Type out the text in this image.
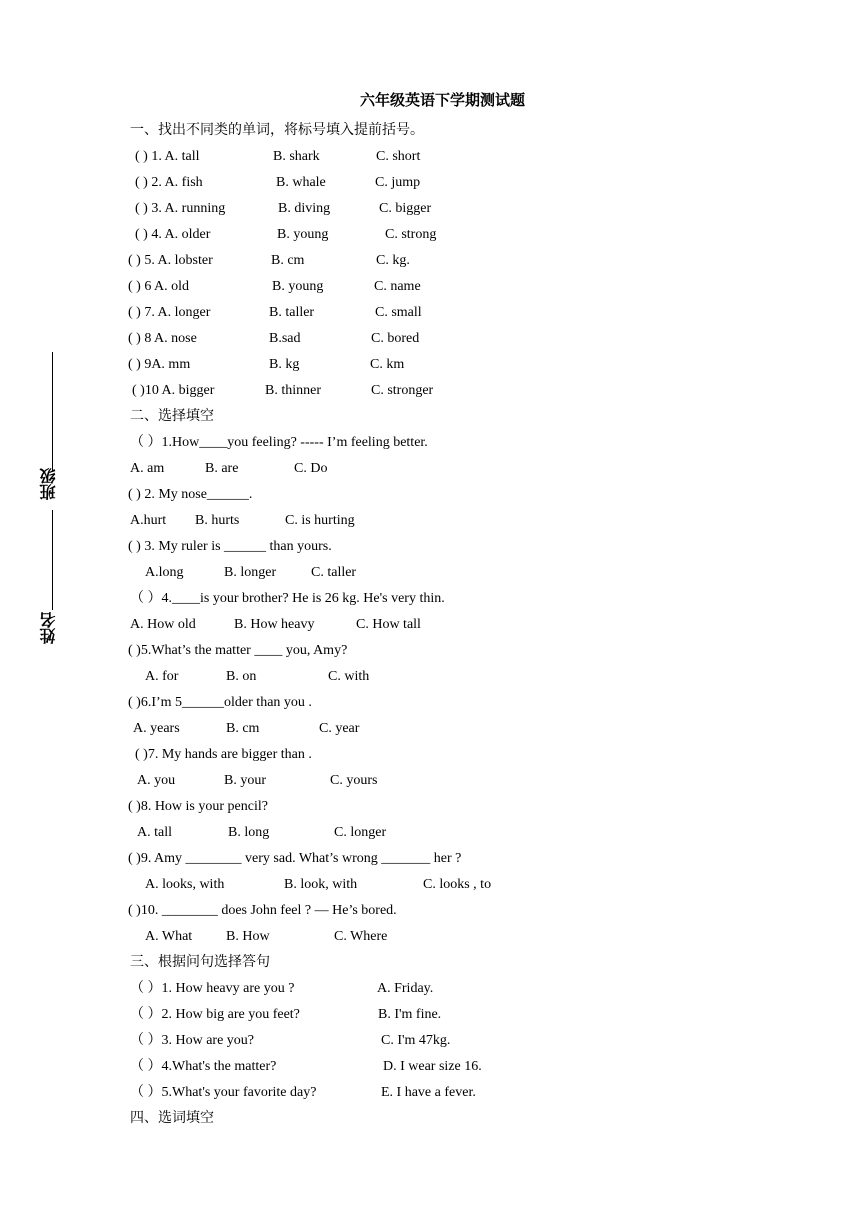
六年级英语下学期测试题
班级
姓名
一、找出不同类的单词，将标号填入提前括号。
( ) 1. A. tall	B. shark	C. short
( ) 2. A. fish	B. whale	C. jump
( ) 3. A. running	B. diving	C. bigger
( ) 4. A. older	B. young	C. strong
( ) 5. A. lobster	B. cm	C. kg.
( ) 6 A. old	B. young	C. name
( ) 7. A. longer	B. taller	C. small
( ) 8 A. nose	B.sad	C. bored
( ) 9A. mm	B. kg	C. km
( )10 A. bigger	B. thinner	C. stronger
二、选择填空
（ ）1.How____you feeling? ----- I’m feeling better.
A. am	B. are	C. Do
( ) 2. My nose______.
A.hurt B. hurts	C. is hurting
( ) 3. My ruler is ______ than yours.
A.long	B. longer C. taller
（ ）4.____is your brother? He is 26 kg. He's very thin.
A. How old	B. How heavy	C. How tall
( )5.What’s the matter ____ you, Amy?
A. for	B. on	C. with
( )6.I’m 5______older than you .
A. years	B. cm	C. year
( )7. My hands are bigger than .
A. you	B. your	C. yours
( )8. How is your pencil?
A. tall	B. long	C. longer
( )9. Amy ________ very sad. What’s wrong _______ her ?
A. looks, with	B. look, with	C. looks , to
( )10. ________ does John feel ? — He’s bored.
A. What B. How	C. Where
三、根据问句选择答句
（ ）1. How heavy are you ?	A. Friday.
（ ）2. How big are you feet?	B. I'm fine.
（ ）3. How are you?	C. I'm 47kg.
（ ）4.What's the matter?	D. I wear size 16.
（ ）5.What's your favorite day?	E. I have a fever.
四、选词填空
